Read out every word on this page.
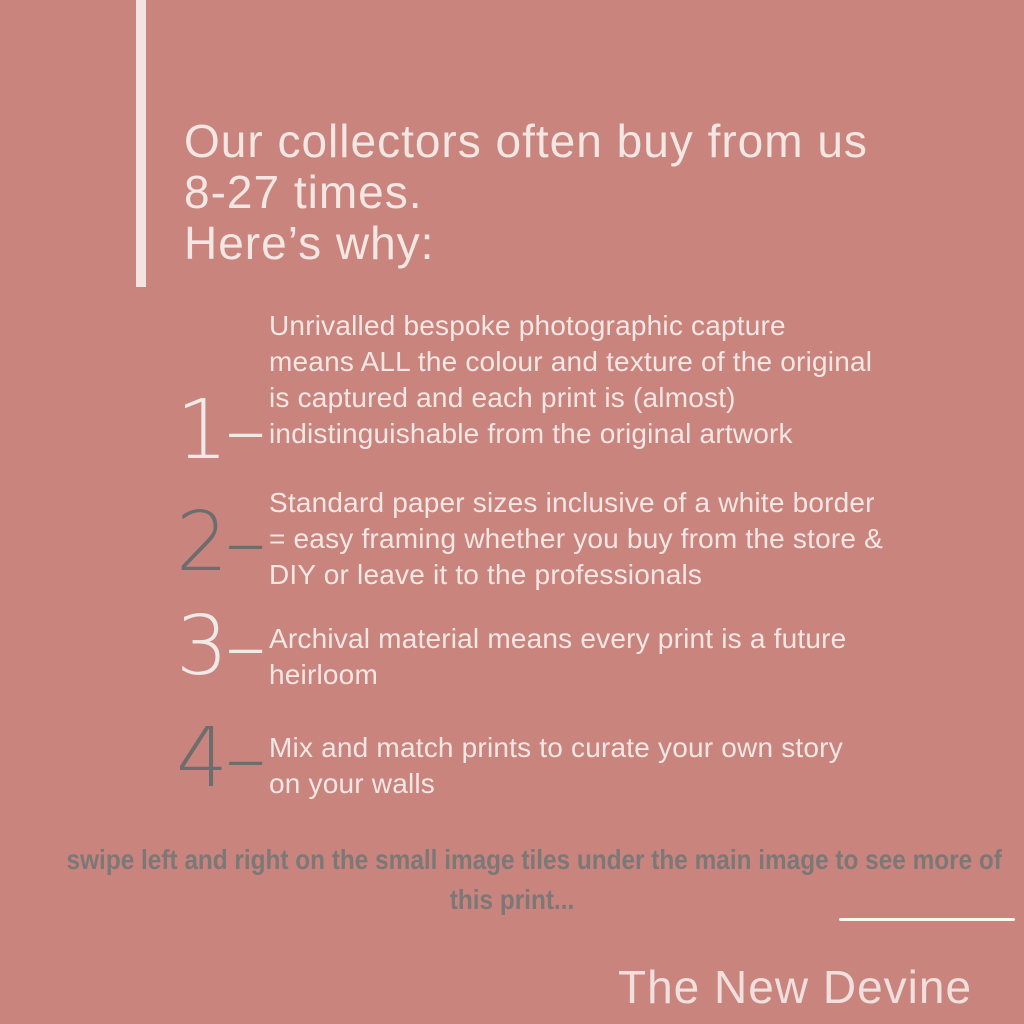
Our collectors often buy from us
8-27 times.
Here’s why:
1–
Unrivalled bespoke photographic capture
means ALL the colour and texture of the original
is captured and each print is (almost)
indistinguishable from the original artwork
2– Standard paper sizes inclusive of a white border
= easy framing whether you buy from the store &
DIY or leave it to the professionals
3– Archival material means every print is a future
heirloom
4– Mix and match prints to curate your own story
on your walls
swipe left and right on the small image tiles under the main image to see more of
this print...
The New Devine
